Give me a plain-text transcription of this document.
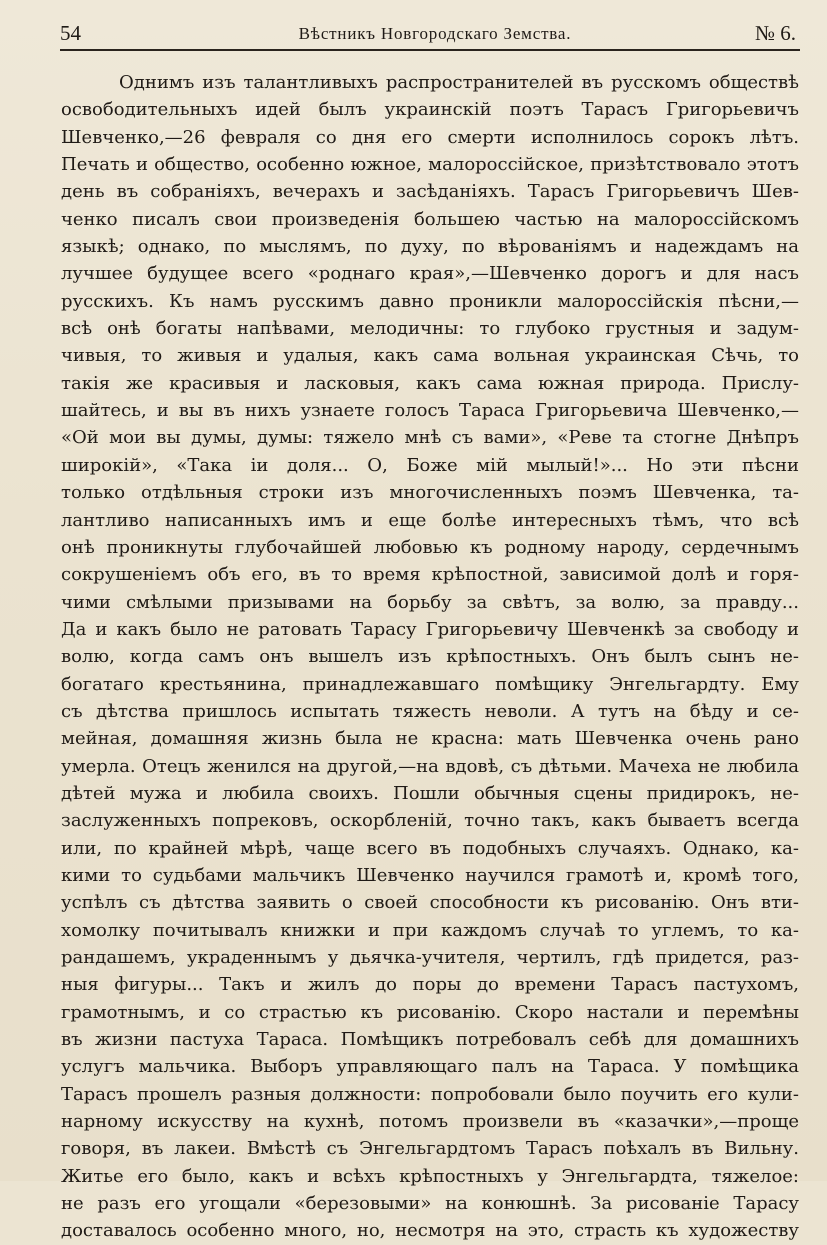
54	Вѣстникъ Новгородскаго Земства.	№ 6.
Однимъ изъ талантливыхъ распространителей въ русскомъ обществѣ
освободительныхъ идей былъ украинскій поэтъ Тарасъ Григорьевичъ
Шевченко,—26 февраля со дня его смерти исполнилось сорокъ лѣтъ.
Печать и общество, особенно южное, малороссійское, призѣтствовало этотъ
день въ собраніяхъ, вечерахъ и засѣданіяхъ. Тарасъ Григорьевичъ Шев-
ченко писалъ свои произведенія большею частью на малороссійскомъ
языкѣ; однако, по мыслямъ, по духу, по вѣрованіямъ и надеждамъ на
лучшее будущее всего «роднаго края»,—Шевченко дорогъ и для насъ
русскихъ. Къ намъ русскимъ давно проникли малороссійскія пѣсни,—
всѣ онѣ богаты напѣвами, мелодичны: то глубоко грустныя и задум-
чивыя, то живыя и удалыя, какъ сама вольная украинская Сѣчь, то
такія же красивыя и ласковыя, какъ сама южная природа. Прислу-
шайтесь, и вы въ нихъ узнаете голосъ Тараса Григорьевича Шевченко,—
«Ой мои вы думы, думы: тяжело мнѣ съ вами», «Реве та стогне Днѣпръ
широкій», «Така іи доля... О, Боже мій мылый!»... Но эти пѣсни
только отдѣльныя строки изъ многочисленныхъ поэмъ Шевченка, та-
лантливо написанныхъ имъ и еще болѣе интересныхъ тѣмъ, что всѣ
онѣ проникнуты глубочайшей любовью къ родному народу, сердечнымъ
сокрушеніемъ объ его, въ то время крѣпостной, зависимой долѣ и горя-
чими смѣлыми призывами на борьбу за свѣтъ, за волю, за правду...
Да и какъ было не ратовать Тарасу Григорьевичу Шевченкѣ за свободу и
волю, когда самъ онъ вышелъ изъ крѣпостныхъ. Онъ былъ сынъ не-
богатаго крестьянина, принадлежавшаго помѣщику Энгельгардту. Ему
съ дѣтства пришлось испытать тяжесть неволи. А тутъ на бѣду и се-
мейная, домашняя жизнь была не красна: мать Шевченка очень рано
умерла. Отецъ женился на другой,—на вдовѣ, съ дѣтьми. Мачеха не любила
дѣтей мужа и любила своихъ. Пошли обычныя сцены придирокъ, не-
заслуженныхъ попрековъ, оскорбленій, точно такъ, какъ бываетъ всегда
или, по крайней мѣрѣ, чаще всего въ подобныхъ случаяхъ. Однако, ка-
кими то судьбами мальчикъ Шевченко научился грамотѣ и, кромѣ того,
успѣлъ съ дѣтства заявить о своей способности къ рисованію. Онъ вти-
хомолку почитывалъ книжки и при каждомъ случаѣ то углемъ, то ка-
рандашемъ, украденнымъ у дьячка-учителя, чертилъ, гдѣ придется, раз-
ныя фигуры... Такъ и жилъ до поры до времени Тарасъ пастухомъ,
грамотнымъ, и со страстью къ рисованію. Скоро настали и перемѣны
въ жизни пастуха Тараса. Помѣщикъ потребовалъ себѣ для домашнихъ
услугъ мальчика. Выборъ управляющаго палъ на Тараса. У помѣщика
Тарасъ прошелъ разныя должности: попробовали было поучить его кули-
нарному искусству на кухнѣ, потомъ произвели въ «казачки»,—проще
говоря, въ лакеи. Вмѣстѣ съ Энгельгардтомъ Тарасъ поѣхалъ въ Вильну.
Житье его было, какъ и всѣхъ крѣпостныхъ у Энгельгардта, тяжелое:
не разъ его угощали «березовыми» на конюшнѣ. За рисованіе Тарасу
доставалось особенно много, но, несмотря на это, страсть къ художеству
